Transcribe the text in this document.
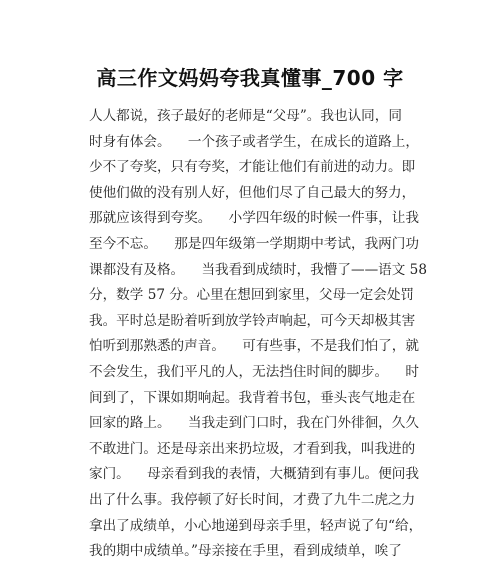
高三作文妈妈夸我真懂事_700 字
人人都说，孩子最好的老师是“父母”。我也认同，同
时身有体会。    一个孩子或者学生，在成长的道路上，
少不了夸奖，只有夸奖，才能让他们有前进的动力。即
使他们做的没有别人好，但他们尽了自己最大的努力，
那就应该得到夸奖。    小学四年级的时候一件事，让我
至今不忘。    那是四年级第一学期期中考试，我两门功
课都没有及格。    当我看到成绩时，我懵了——语文 58
分，数学 57 分。心里在想回到家里，父母一定会处罚
我。平时总是盼着听到放学铃声响起，可今天却极其害
怕听到那熟悉的声音。    可有些事，不是我们怕了，就
不会发生，我们平凡的人，无法挡住时间的脚步。    时
间到了，下课如期响起。我背着书包，垂头丧气地走在
回家的路上。    当我走到门口时，我在门外徘徊，久久
不敢进门。还是母亲出来扔垃圾，才看到我，叫我进的
家门。    母亲看到我的表情，大概猜到有事儿。便问我
出了什么事。我停顿了好长时间，才费了九牛二虎之力
拿出了成绩单，小心地递到母亲手里，轻声说了句“给，
我的期中成绩单。”母亲接在手里，看到成绩单，唉了
